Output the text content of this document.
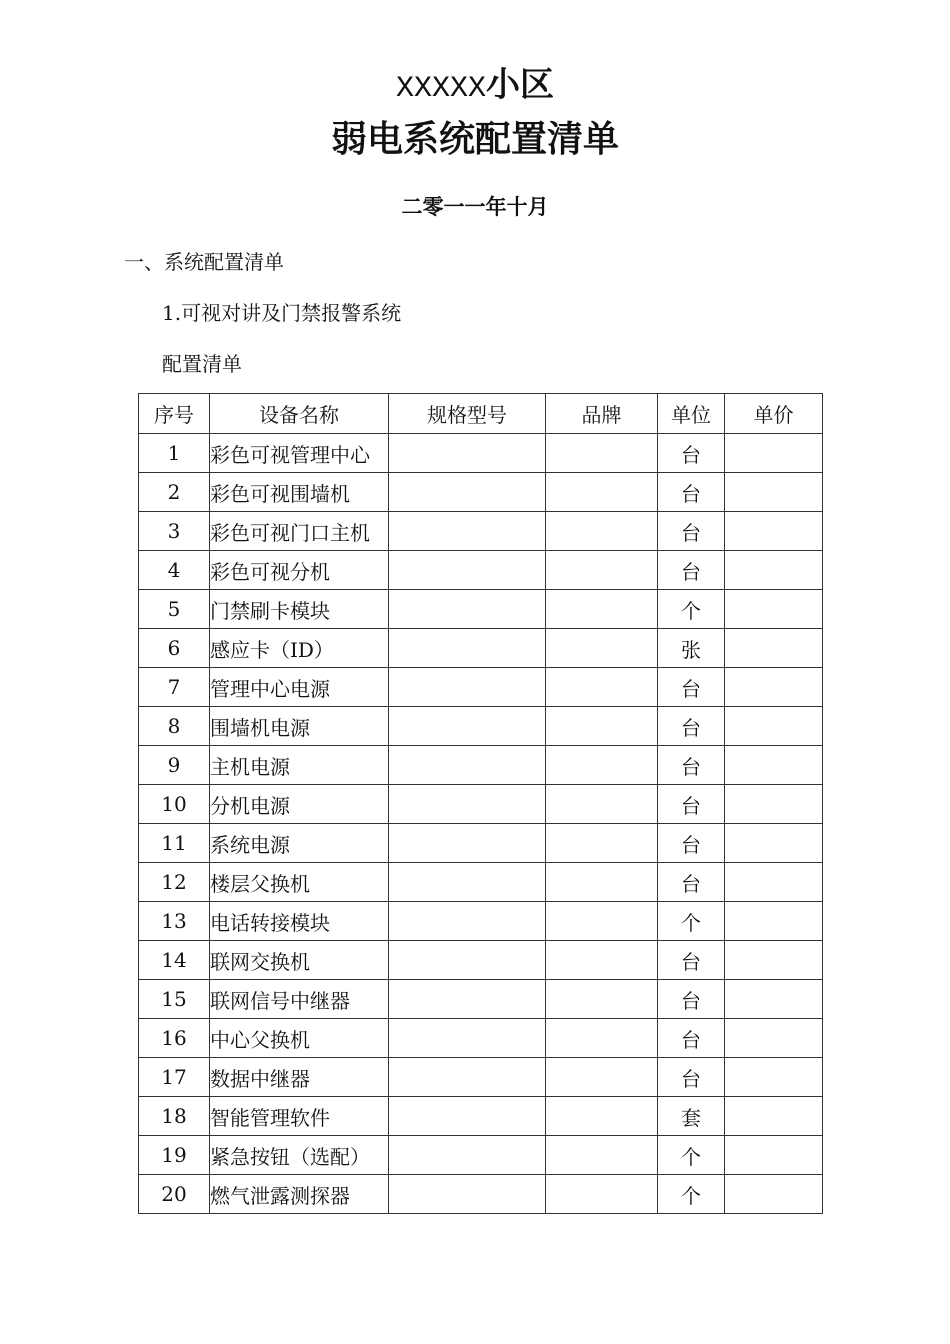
XXXXX小区
弱电系统配置清单
二零一一年十月
一、系统配置清单
1.可视对讲及门禁报警系统
配置清单
序号	设备名称	规格型号	品牌	单位	单价
1	彩色可视管理中心			台	
2	彩色可视围墙机			台	
3	彩色可视门口主机			台	
4	彩色可视分机			台	
5	门禁刷卡模块			个	
6	感应卡（ID）			张	
7	管理中心电源			台	
8	围墙机电源			台	
9	主机电源			台	
10	分机电源			台	
11	系统电源			台	
12	楼层父换机			台	
13	电话转接模块			个	
14	联网交换机			台	
15	联网信号中继器			台	
16	中心父换机			台	
17	数据中继器			台	
18	智能管理软件			套	
19	紧急按钮（选配）			个	
20	燃气泄露测探器			个	
